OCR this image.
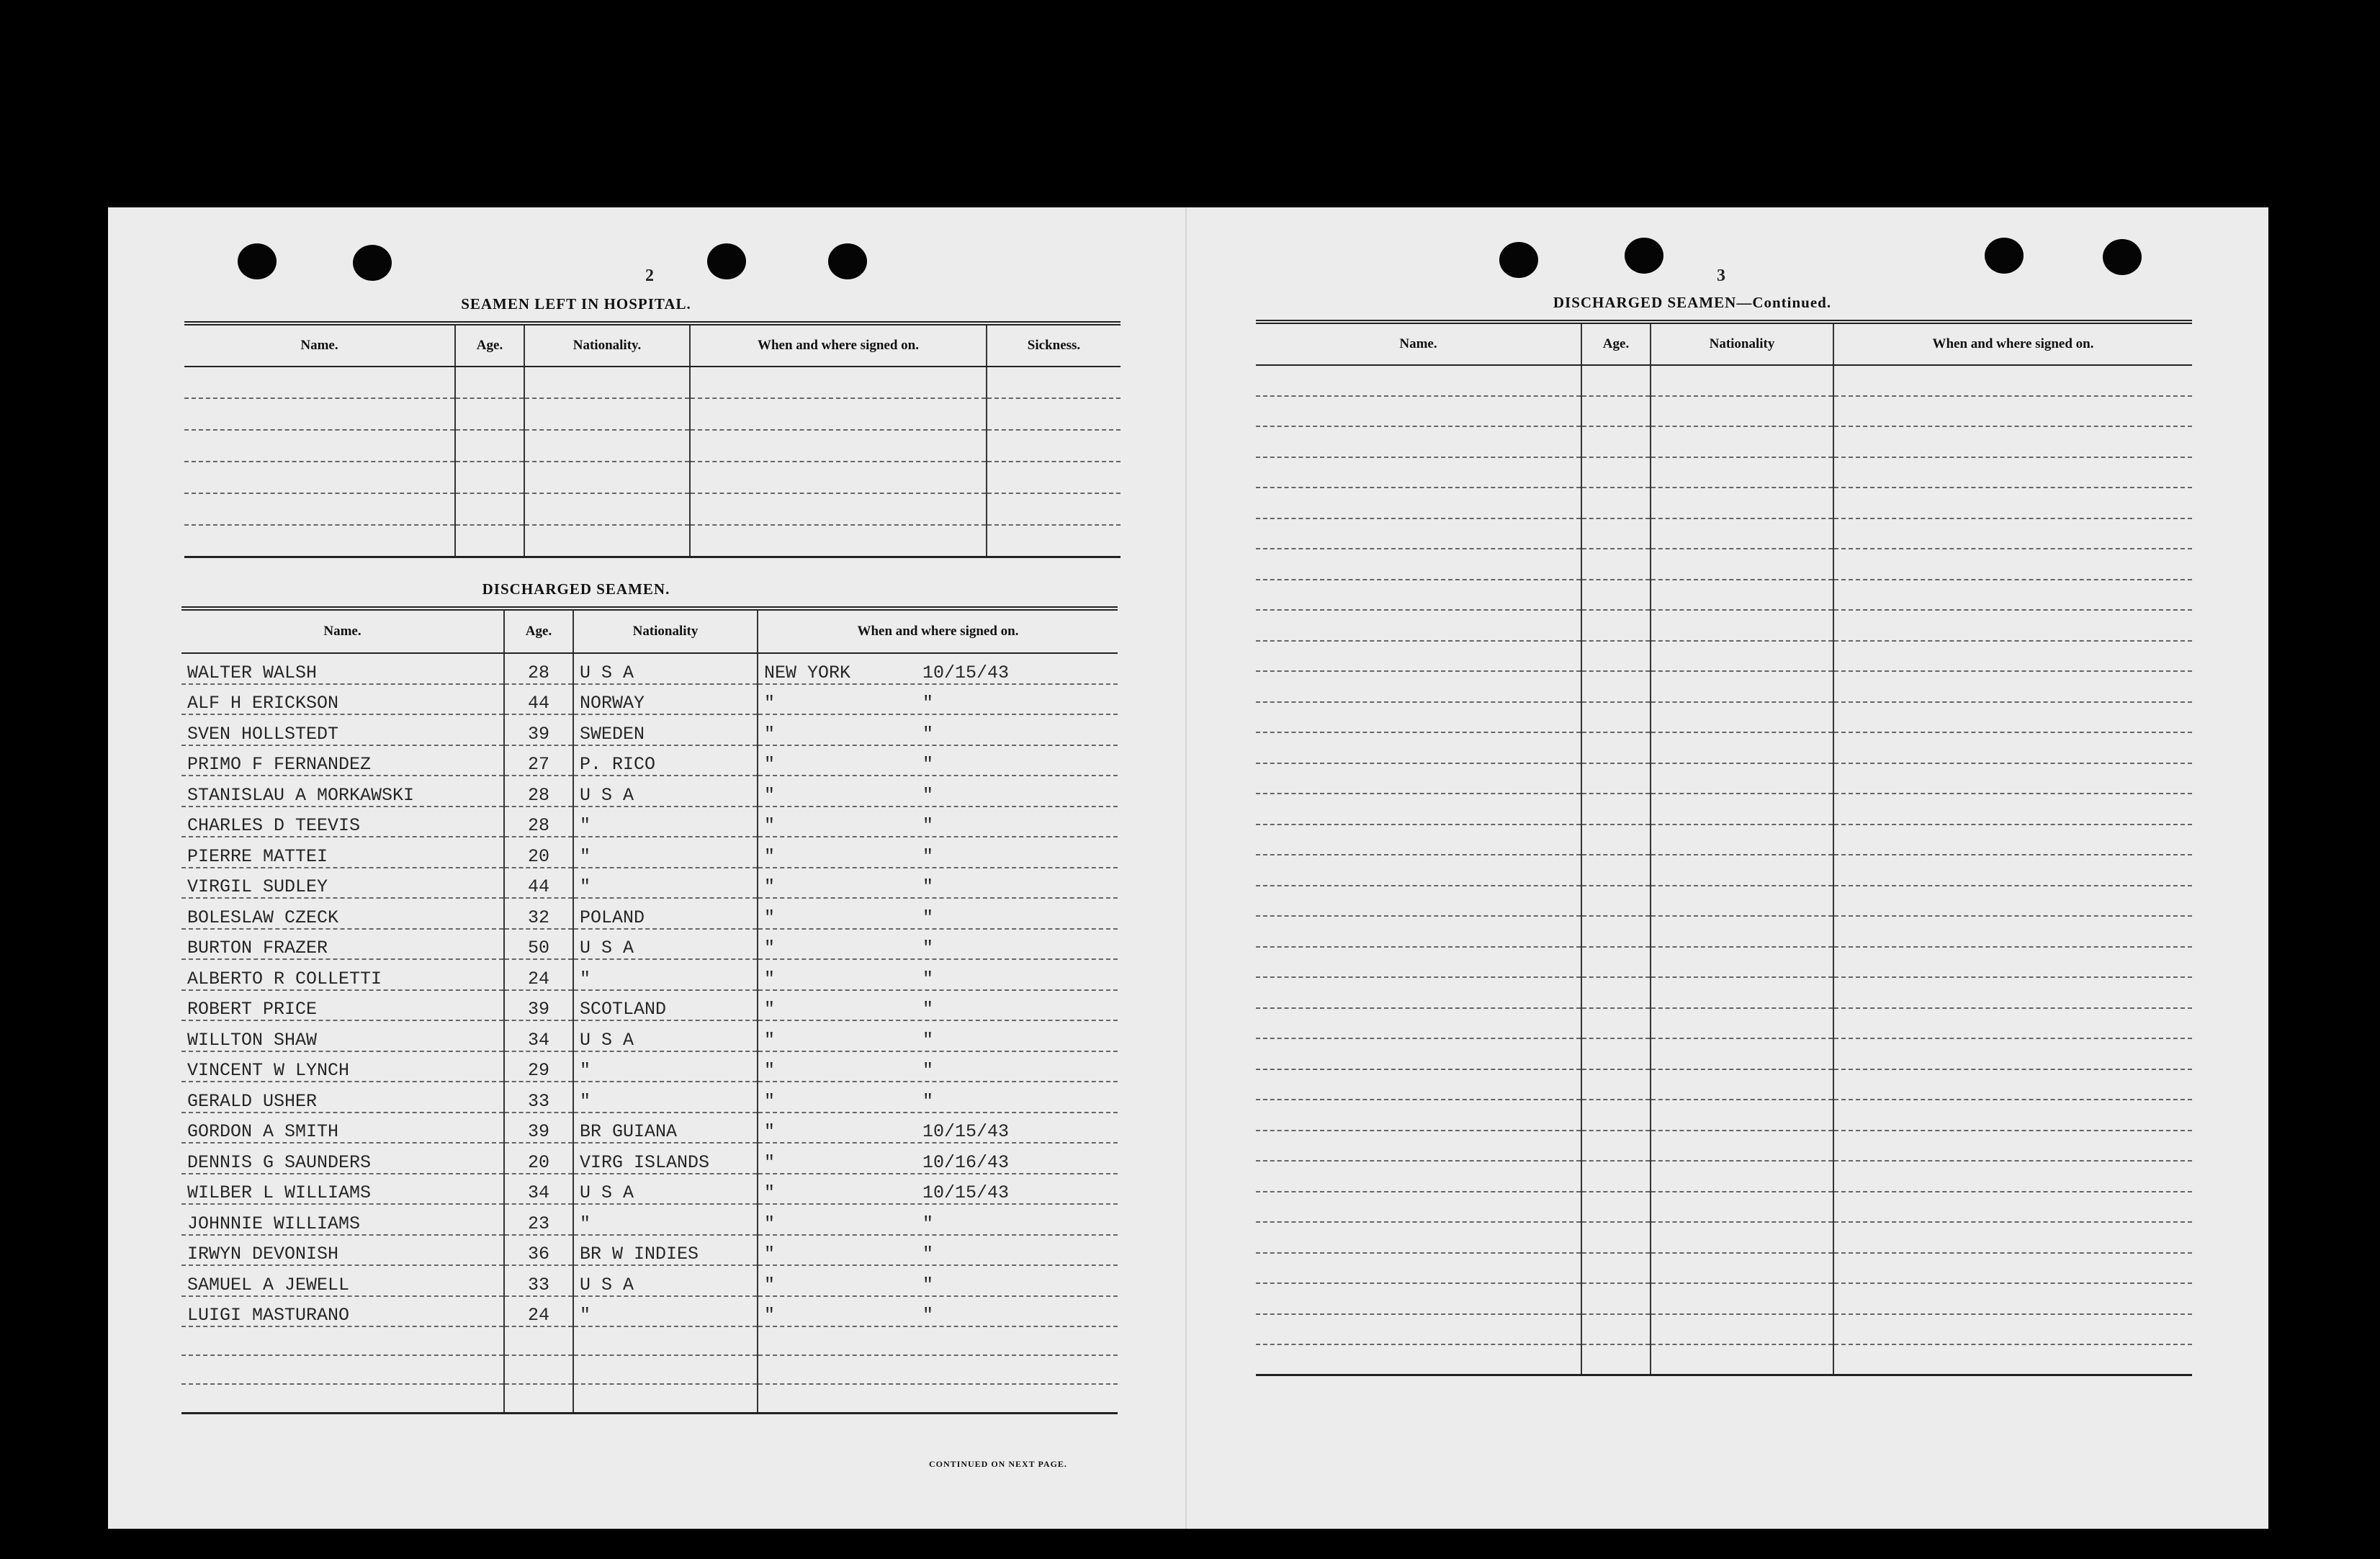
2
SEAMEN LEFT IN HOSPITAL.
Name.	Age.	Nationality.	When and where signed on.	Sickness.

DISCHARGED SEAMEN.
Name.	Age.	Nationality	When and where signed on.
WALTER WALSH	28	U S A	NEW YORK 10/15/43
ALF H ERICKSON	44	NORWAY	" "
SVEN HOLLSTEDT	39	SWEDEN	" "
PRIMO F FERNANDEZ	27	P. RICO	" "
STANISLAU A MORKAWSKI	28	U S A	" "
CHARLES D TEEVIS	28	"	" "
PIERRE MATTEI	20	"	" "
VIRGIL SUDLEY	44	"	" "
BOLESLAW CZECK	32	POLAND	" "
BURTON FRAZER	50	U S A	" "
ALBERTO R COLLETTI	24	"	" "
ROBERT PRICE	39	SCOTLAND	" "
WILLTON SHAW	34	U S A	" "
VINCENT W LYNCH	29	"	" "
GERALD USHER	33	"	" "
GORDON A SMITH	39	BR GUIANA	" 10/15/43
DENNIS G SAUNDERS	20	VIRG ISLANDS	" 10/16/43
WILBER L WILLIAMS	34	U S A	" 10/15/43
JOHNNIE WILLIAMS	23	"	" "
IRWYN DEVONISH	36	BR W INDIES	" "
SAMUEL A JEWELL	33	U S A	" "
LUIGI MASTURANO	24	"	" "

CONTINUED ON NEXT PAGE.
3
DISCHARGED SEAMEN—Continued.
Name.	Age.	Nationality	When and where signed on.
